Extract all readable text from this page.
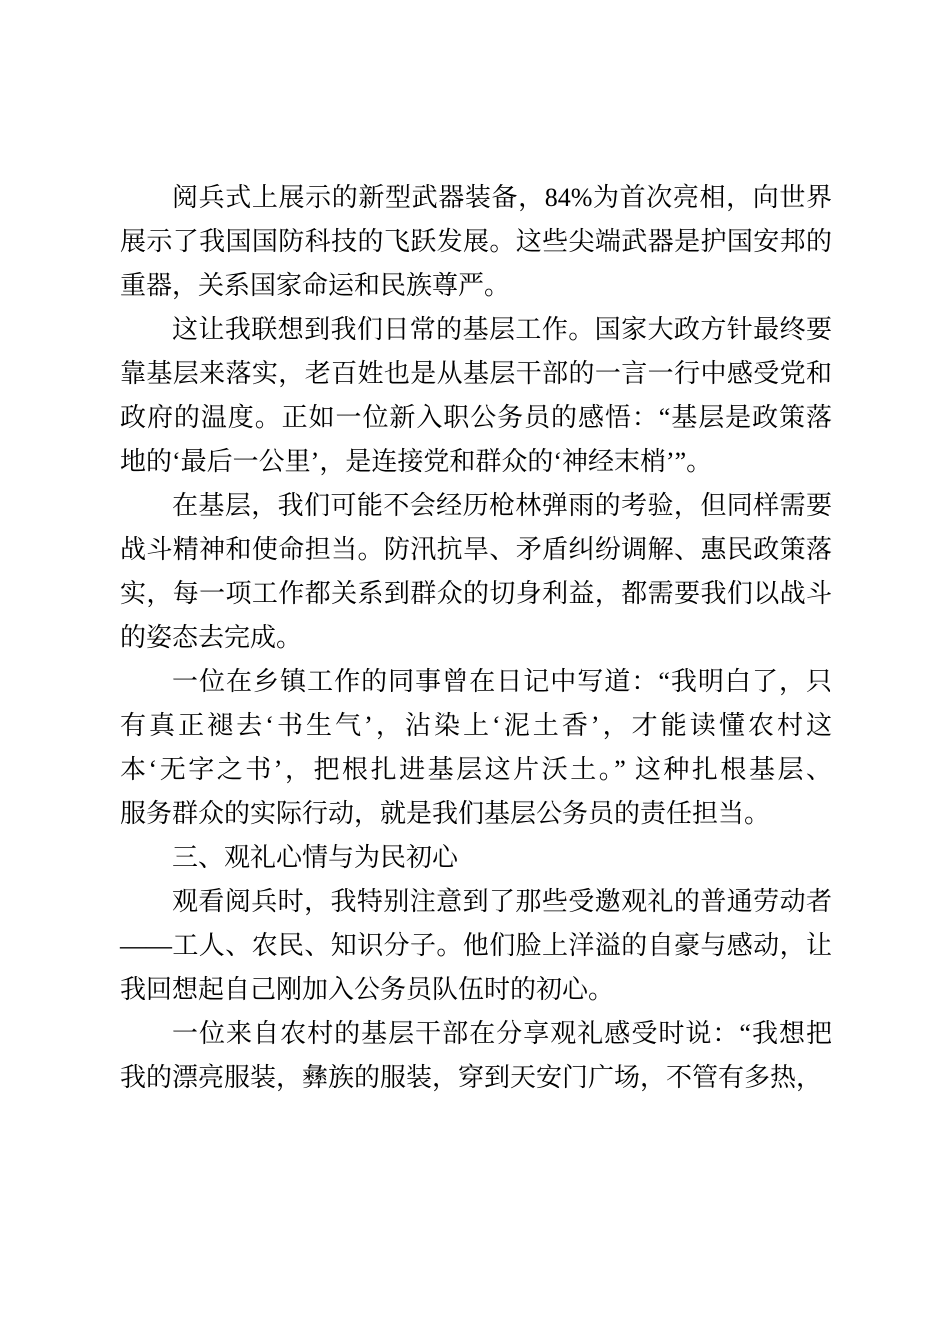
阅兵式上展示的新型武器装备，84%为首次亮相，向世界
展示了我国国防科技的飞跃发展。这些尖端武器是护国安邦的
重器，关系国家命运和民族尊严。
这让我联想到我们日常的基层工作。国家大政方针最终要
靠基层来落实，老百姓也是从基层干部的一言一行中感受党和
政府的温度。正如一位新入职公务员的感悟：“基层是政策落
地的‘最后一公里’，是连接党和群众的‘神经末梢’”。
在基层，我们可能不会经历枪林弹雨的考验，但同样需要
战斗精神和使命担当。防汛抗旱、矛盾纠纷调解、惠民政策落
实，每一项工作都关系到群众的切身利益，都需要我们以战斗
的姿态去完成。
一位在乡镇工作的同事曾在日记中写道：“我明白了，只
有真正褪去‘书生气’，沾染上‘泥土香’，才能读懂农村这
本‘无字之书’，把根扎进基层这片沃土。” 这种扎根基层、
服务群众的实际行动，就是我们基层公务员的责任担当。
三、观礼心情与为民初心
观看阅兵时，我特别注意到了那些受邀观礼的普通劳动者
——工人、农民、知识分子。他们脸上洋溢的自豪与感动，让
我回想起自己刚加入公务员队伍时的初心。
一位来自农村的基层干部在分享观礼感受时说：“我想把
我的漂亮服装，彝族的服装，穿到天安门广场，不管有多热，
